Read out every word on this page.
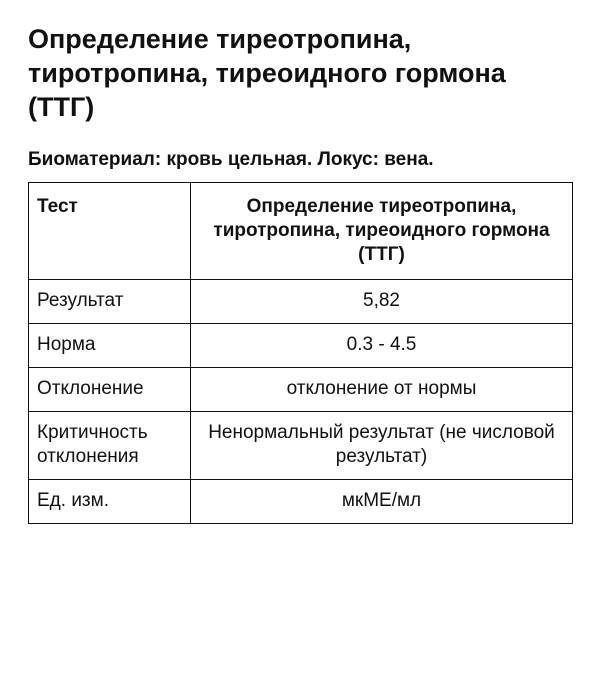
Определение тиреотропина, тиротропина, тиреоидного гормона (ТТГ)

Биоматериал: кровь цельная. Локус: вена.

Тест	Определение тиреотропина, тиротропина, тиреоидного гормона (ТТГ)
Результат	5,82
Норма	0.3 - 4.5
Отклонение	отклонение от нормы
Критичность отклонения	Ненормальный результат (не числовой результат)
Ед. изм.	мкМЕ/мл
